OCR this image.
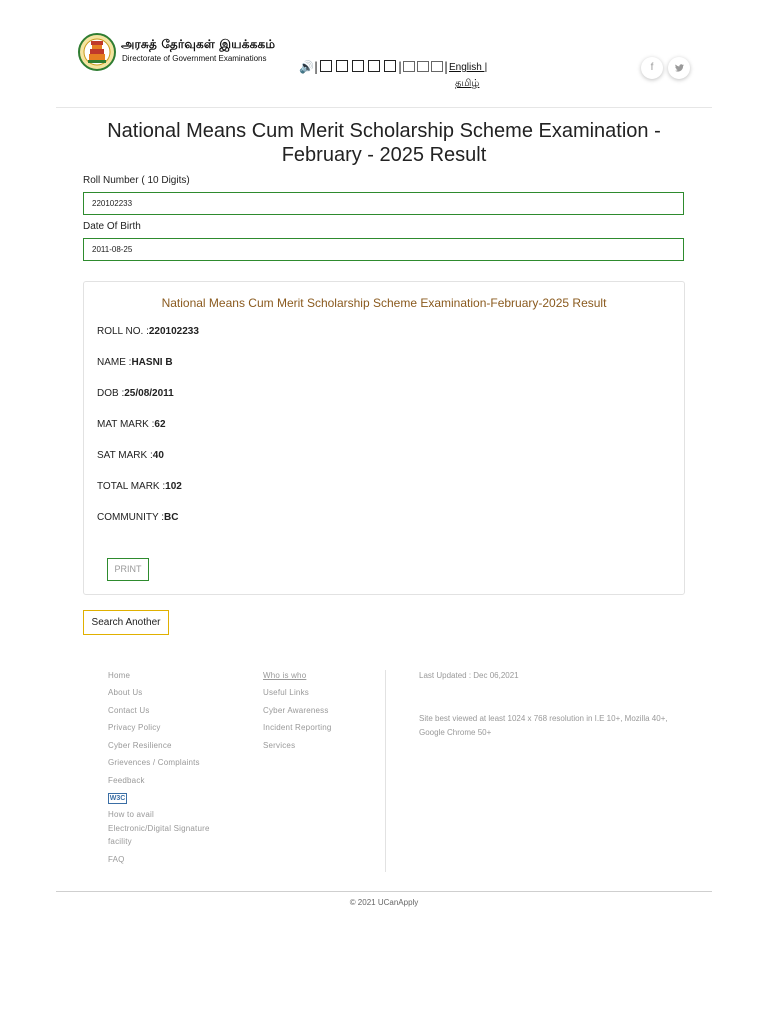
அரசுத் தேர்வுகள் இயக்ககம்
Directorate of Government Examinations
🔊|	|	| English |
தமிழ்
f
National Means Cum Merit Scholarship Scheme Examination - February - 2025 Result
Roll Number ( 10 Digits)
220102233
Date Of Birth
2011-08-25
National Means Cum Merit Scholarship Scheme Examination-February-2025 Result
ROLL NO. :220102233
NAME :HASNI B
DOB :25/08/2011
MAT MARK :62
SAT MARK :40
TOTAL MARK :102
COMMUNITY :BC
PRINT
Search Another
Home
About Us
Contact Us
Privacy Policy
Cyber Resilience
Grievences / Complaints
Feedback
W3C
How to avail
Electronic/Digital Signature
facility
FAQ
Who is who
Useful Links
Cyber Awareness
Incident Reporting
Services
Last Updated : Dec 06,2021
Site best viewed at least 1024 x 768 resolution in I.E 10+, Mozilla 40+, Google Chrome 50+
© 2021 UCanApply
